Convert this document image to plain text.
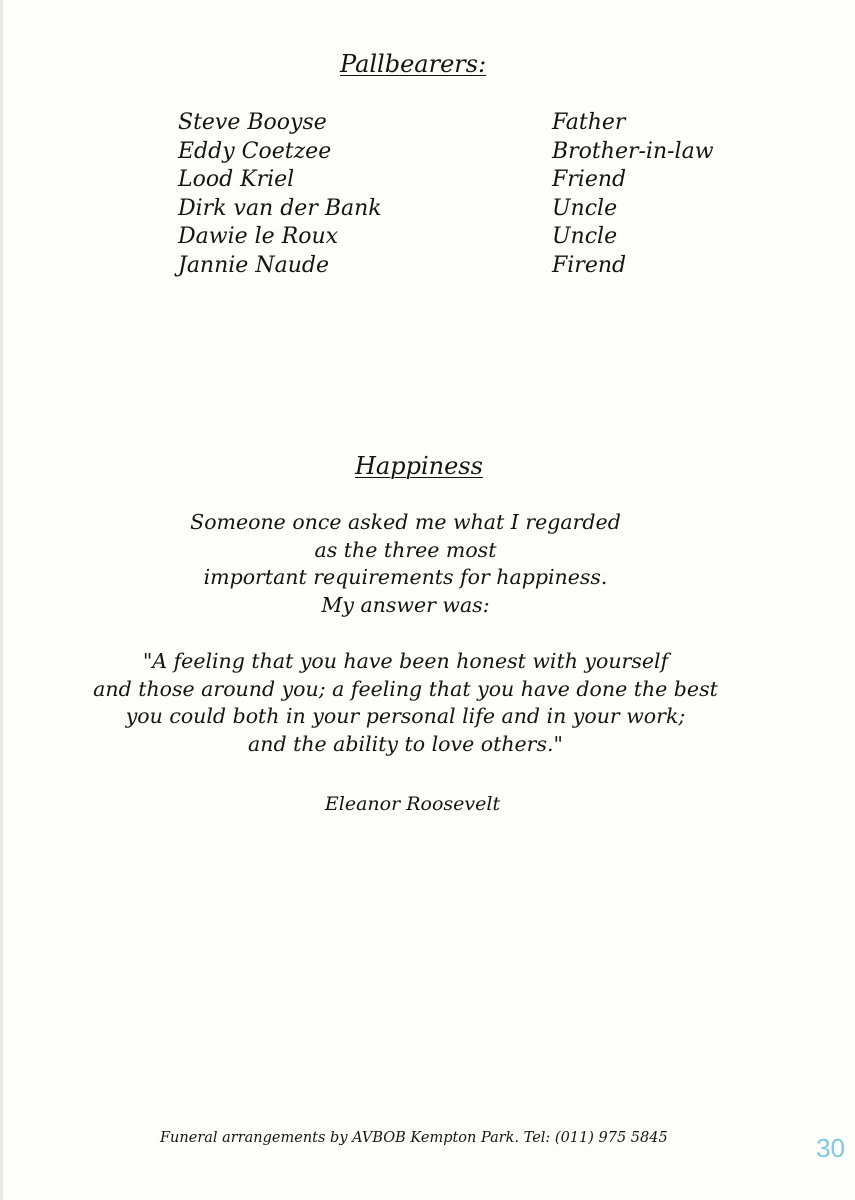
Pallbearers:
Steve Booyse	Father
Eddy Coetzee	Brother-in-law
Lood Kriel	Friend
Dirk van der Bank	Uncle
Dawie le Roux	Uncle
Jannie Naude	Firend
Happiness
Someone once asked me what I regarded
as the three most
important requirements for happiness.
My answer was:
"A feeling that you have been honest with yourself
and those around you; a feeling that you have done the best
you could both in your personal life and in your work;
and the ability to love others."
Eleanor Roosevelt
Funeral arrangements by AVBOB Kempton Park. Tel: (011) 975 5845	30
